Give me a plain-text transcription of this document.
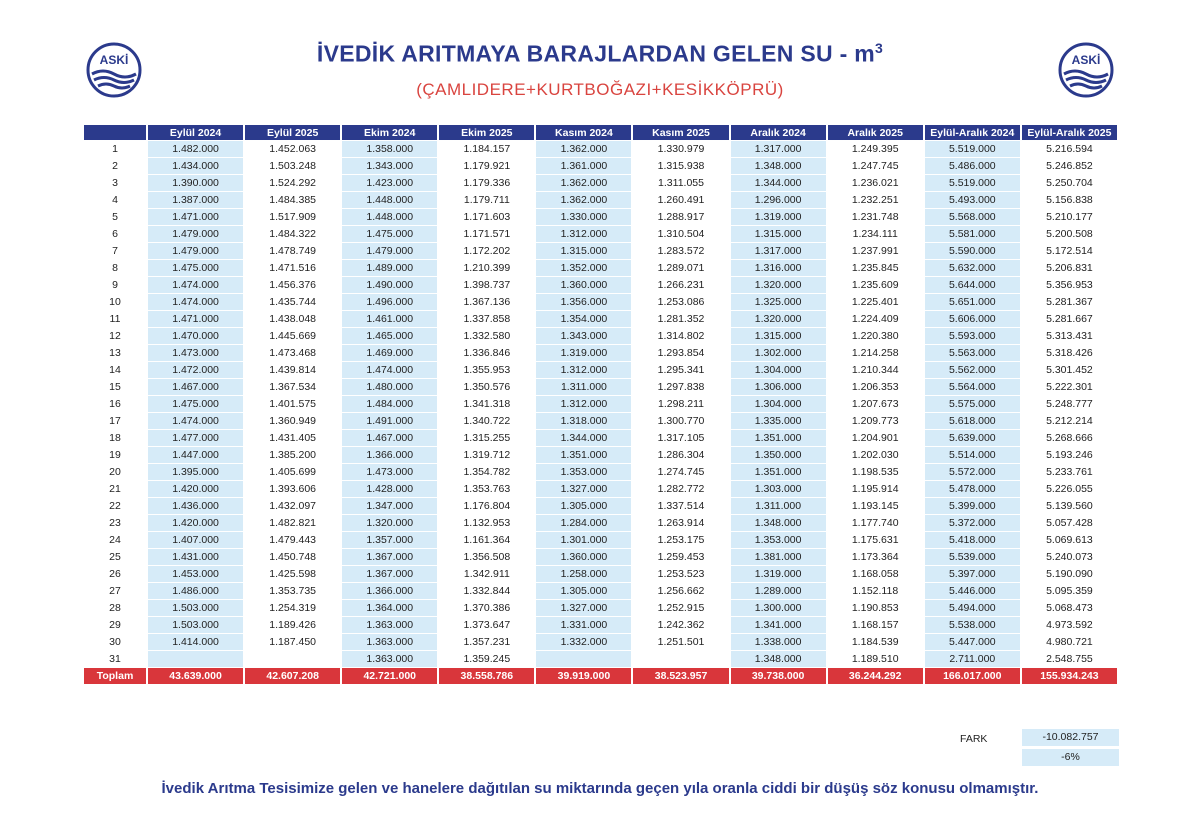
ASKİ	ASKİ
İVEDİK ARITMAYA BARAJLARDAN GELEN SU - $m^3$
(ÇAMLIDERE+KURTBOĞAZI+KESİKKÖPRÜ)
	Eylül 2024	Eylül 2025	Ekim 2024	Ekim 2025	Kasım 2024	Kasım 2025	Aralık 2024	Aralık 2025	Eylül-Aralık 2024	Eylül-Aralık 2025
1	1.482.000	1.452.063	1.358.000	1.184.157	1.362.000	1.330.979	1.317.000	1.249.395	5.519.000	5.216.594
2	1.434.000	1.503.248	1.343.000	1.179.921	1.361.000	1.315.938	1.348.000	1.247.745	5.486.000	5.246.852
3	1.390.000	1.524.292	1.423.000	1.179.336	1.362.000	1.311.055	1.344.000	1.236.021	5.519.000	5.250.704
4	1.387.000	1.484.385	1.448.000	1.179.711	1.362.000	1.260.491	1.296.000	1.232.251	5.493.000	5.156.838
5	1.471.000	1.517.909	1.448.000	1.171.603	1.330.000	1.288.917	1.319.000	1.231.748	5.568.000	5.210.177
6	1.479.000	1.484.322	1.475.000	1.171.571	1.312.000	1.310.504	1.315.000	1.234.111	5.581.000	5.200.508
7	1.479.000	1.478.749	1.479.000	1.172.202	1.315.000	1.283.572	1.317.000	1.237.991	5.590.000	5.172.514
8	1.475.000	1.471.516	1.489.000	1.210.399	1.352.000	1.289.071	1.316.000	1.235.845	5.632.000	5.206.831
9	1.474.000	1.456.376	1.490.000	1.398.737	1.360.000	1.266.231	1.320.000	1.235.609	5.644.000	5.356.953
10	1.474.000	1.435.744	1.496.000	1.367.136	1.356.000	1.253.086	1.325.000	1.225.401	5.651.000	5.281.367
11	1.471.000	1.438.048	1.461.000	1.337.858	1.354.000	1.281.352	1.320.000	1.224.409	5.606.000	5.281.667
12	1.470.000	1.445.669	1.465.000	1.332.580	1.343.000	1.314.802	1.315.000	1.220.380	5.593.000	5.313.431
13	1.473.000	1.473.468	1.469.000	1.336.846	1.319.000	1.293.854	1.302.000	1.214.258	5.563.000	5.318.426
14	1.472.000	1.439.814	1.474.000	1.355.953	1.312.000	1.295.341	1.304.000	1.210.344	5.562.000	5.301.452
15	1.467.000	1.367.534	1.480.000	1.350.576	1.311.000	1.297.838	1.306.000	1.206.353	5.564.000	5.222.301
16	1.475.000	1.401.575	1.484.000	1.341.318	1.312.000	1.298.211	1.304.000	1.207.673	5.575.000	5.248.777
17	1.474.000	1.360.949	1.491.000	1.340.722	1.318.000	1.300.770	1.335.000	1.209.773	5.618.000	5.212.214
18	1.477.000	1.431.405	1.467.000	1.315.255	1.344.000	1.317.105	1.351.000	1.204.901	5.639.000	5.268.666
19	1.447.000	1.385.200	1.366.000	1.319.712	1.351.000	1.286.304	1.350.000	1.202.030	5.514.000	5.193.246
20	1.395.000	1.405.699	1.473.000	1.354.782	1.353.000	1.274.745	1.351.000	1.198.535	5.572.000	5.233.761
21	1.420.000	1.393.606	1.428.000	1.353.763	1.327.000	1.282.772	1.303.000	1.195.914	5.478.000	5.226.055
22	1.436.000	1.432.097	1.347.000	1.176.804	1.305.000	1.337.514	1.311.000	1.193.145	5.399.000	5.139.560
23	1.420.000	1.482.821	1.320.000	1.132.953	1.284.000	1.263.914	1.348.000	1.177.740	5.372.000	5.057.428
24	1.407.000	1.479.443	1.357.000	1.161.364	1.301.000	1.253.175	1.353.000	1.175.631	5.418.000	5.069.613
25	1.431.000	1.450.748	1.367.000	1.356.508	1.360.000	1.259.453	1.381.000	1.173.364	5.539.000	5.240.073
26	1.453.000	1.425.598	1.367.000	1.342.911	1.258.000	1.253.523	1.319.000	1.168.058	5.397.000	5.190.090
27	1.486.000	1.353.735	1.366.000	1.332.844	1.305.000	1.256.662	1.289.000	1.152.118	5.446.000	5.095.359
28	1.503.000	1.254.319	1.364.000	1.370.386	1.327.000	1.252.915	1.300.000	1.190.853	5.494.000	5.068.473
29	1.503.000	1.189.426	1.363.000	1.373.647	1.331.000	1.242.362	1.341.000	1.168.157	5.538.000	4.973.592
30	1.414.000	1.187.450	1.363.000	1.357.231	1.332.000	1.251.501	1.338.000	1.184.539	5.447.000	4.980.721
31			1.363.000	1.359.245			1.348.000	1.189.510	2.711.000	2.548.755
Toplam	43.639.000	42.607.208	42.721.000	38.558.786	39.919.000	38.523.957	39.738.000	36.244.292	166.017.000	155.934.243
FARK	-10.082.757
-6%
İvedik Arıtma Tesisimize gelen ve hanelere dağıtılan su miktarında geçen yıla oranla ciddi bir düşüş söz konusu olmamıştır.
